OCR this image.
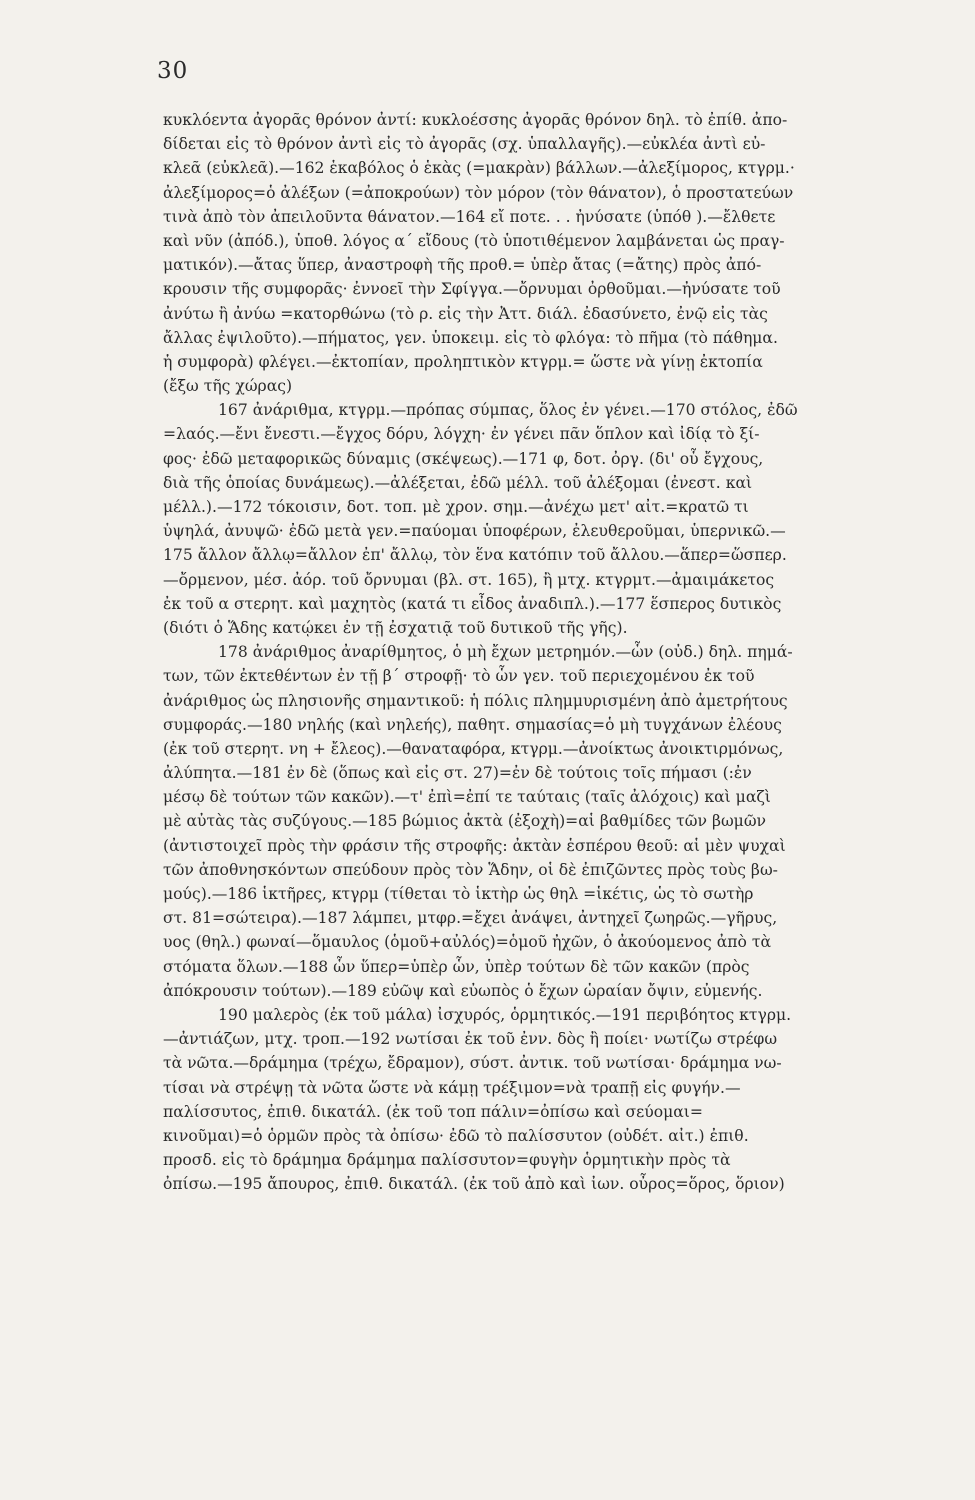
30
κυκλόεντα ἀγορᾶς θρόνον ἀντί: κυκλοέσσης ἀγορᾶς θρόνον δηλ. τὸ ἐπίθ. ἀπο-
δίδεται εἰς τὸ θρόνον ἀντὶ εἰς τὸ ἀγορᾶς (σχ. ὑπαλλαγῆς).—εὐκλέα ἀντὶ εὐ-
κλεᾶ (εὐκλεᾶ).—162 ἑκαβόλος ὁ ἑκὰς (=μακρὰν) βάλλων.—ἀλεξίμορος, κτγρμ.·
ἀλεξίμορος=ὁ ἀλέξων (=ἀποκρούων) τὸν μόρον (τὸν θάνατον), ὁ προστατεύων
τινὰ ἀπὸ τὸν ἀπειλοῦντα θάνατον.—164 εἴ ποτε. . . ἠνύσατε (ὑπόθ ).—ἔλθετε
καὶ νῦν (ἀπόδ.), ὑποθ. λόγος α΄ εἴδους (τὸ ὑποτιθέμενον λαμβάνεται ὡς πραγ-
ματικόν).—ἄτας ὕπερ, ἀναστροφὴ τῆς προθ.= ὑπὲρ ἄτας (=ἄτης) πρὸς ἀπό-
κρουσιν τῆς συμφορᾶς· ἐννοεῖ τὴν Σφίγγα.—ὄρνυμαι ὀρθοῦμαι.—ἠνύσατε τοῦ
ἀνύτω ἢ ἀνύω =κατορθώνω (τὸ ρ. εἰς τὴν Ἀττ. διάλ. ἐδασύνετο, ἐνῷ εἰς τὰς
ἄλλας ἐψιλοῦτο).—πήματος, γεν. ὑποκειμ. εἰς τὸ φλόγα: τὸ πῆμα (τὸ πάθημα.
ἡ συμφορὰ) φλέγει.—ἐκτοπίαν, προληπτικὸν κτγρμ.= ὥστε νὰ γίνῃ ἐκτοπία
(ἔξω τῆς χώρας)
167 ἀνάριθμα, κτγρμ.—πρόπας σύμπας, ὅλος ἐν γένει.—170 στόλος, ἐδῶ
=λαός.—ἔνι ἔνεστι.—ἔγχος δόρυ, λόγχη· ἐν γένει πᾶν ὅπλον καὶ ἰδίᾳ τὸ ξί-
φος· ἐδῶ μεταφορικῶς δύναμις (σκέψεως).—171 φ, δοτ. ὀργ. (δι' οὗ ἔγχους,
διὰ τῆς ὁποίας δυνάμεως).—ἀλέξεται, ἐδῶ μέλλ. τοῦ ἀλέξομαι (ἐνεστ. καὶ
μέλλ.).—172 τόκοισιν, δοτ. τοπ. μὲ χρον. σημ.—ἀνέχω μετ' αἰτ.=κρατῶ τι
ὑψηλά, ἀνυψῶ· ἐδῶ μετὰ γεν.=παύομαι ὑποφέρων, ἐλευθεροῦμαι, ὑπερνικῶ.—
175 ἄλλον ἄλλῳ=ἄλλον ἐπ' ἄλλῳ, τὸν ἕνα κατόπιν τοῦ ἄλλου.—ἅπερ=ὥσπερ.
—ὄρμενον, μέσ. ἀόρ. τοῦ ὄρνυμαι (βλ. στ. 165), ἢ μτχ. κτγρμτ.—ἀμαιμάκετος
ἐκ τοῦ α στερητ. καὶ μαχητὸς (κατά τι εἶδος ἀναδιπλ.).—177 ἕσπερος δυτικὸς
(διότι ὁ Ἅδης κατῴκει ἐν τῇ ἐσχατιᾷ τοῦ δυτικοῦ τῆς γῆς).
178 ἀνάριθμος ἀναρίθμητος, ὁ μὴ ἔχων μετρημόν.—ὧν (οὐδ.) δηλ. πημά-
των, τῶν ἐκτεθέντων ἐν τῇ β΄ στροφῇ· τὸ ὧν γεν. τοῦ περιεχομένου ἐκ τοῦ
ἀνάριθμος ὡς πλησιονῆς σημαντικοῦ: ἡ πόλις πλημμυρισμένη ἀπὸ ἀμετρήτους
συμφοράς.—180 νηλής (καὶ νηλεής), παθητ. σημασίας=ὁ μὴ τυγχάνων ἐλέους
(ἐκ τοῦ στερητ. νη + ἔλεος).—θαναταφόρα, κτγρμ.—ἀνοίκτως ἀνοικτιρμόνως,
ἀλύπητα.—181 ἐν δὲ (ὅπως καὶ εἰς στ. 27)=ἐν δὲ τούτοις τοῖς πήμασι (:ἐν
μέσῳ δὲ τούτων τῶν κακῶν).—τ' ἐπὶ=ἐπί τε ταύταις (ταῖς ἀλόχοις) καὶ μαζὶ
μὲ αὐτὰς τὰς συζύγους.—185 βώμιος ἀκτὰ (ἐξοχὴ)=αἱ βαθμίδες τῶν βωμῶν
(ἀντιστοιχεῖ πρὸς τὴν φράσιν τῆς στροφῆς: ἀκτὰν ἑσπέρου θεοῦ: αἱ μὲν ψυχαὶ
τῶν ἀποθνησκόντων σπεύδουν πρὸς τὸν Ἅδην, οἱ δὲ ἐπιζῶντες πρὸς τοὺς βω-
μούς).—186 ἱκτῆρες, κτγρμ (τίθεται τὸ ἱκτὴρ ὡς θηλ =ἱκέτις, ὡς τὸ σωτὴρ
στ. 81=σώτειρα).—187 λάμπει, μτφρ.=ἔχει ἀνάψει, ἀντηχεῖ ζωηρῶς.—γῆρυς,
υος (θηλ.) φωναί—ὅμαυλος (ὁμοῦ+αὐλός)=ὁμοῦ ἠχῶν, ὁ ἀκούομενος ἀπὸ τὰ
στόματα ὅλων.—188 ὧν ὕπερ=ὑπὲρ ὧν, ὑπὲρ τούτων δὲ τῶν κακῶν (πρὸς
ἀπόκρουσιν τούτων).—189 εὐῶψ καὶ εὐωπὸς ὁ ἔχων ὡραίαν ὄψιν, εὐμενής.
190 μαλερὸς (ἐκ τοῦ μάλα) ἰσχυρός, ὁρμητικός.—191 περιβόητος κτγρμ.
—ἀντιάζων, μτχ. τροπ.—192 νωτίσαι ἐκ τοῦ ἐνν. δὸς ἢ ποίει· νωτίζω στρέφω
τὰ νῶτα.—δράμημα (τρέχω, ἔδραμον), σύστ. ἀντικ. τοῦ νωτίσαι· δράμημα νω-
τίσαι νὰ στρέψῃ τὰ νῶτα ὥστε νὰ κάμῃ τρέξιμον=νὰ τραπῇ εἰς φυγήν.—
παλίσσυτος, ἐπιθ. δικατάλ. (ἐκ τοῦ τοπ πάλιν=ὀπίσω καὶ σεύομαι=
κινοῦμαι)=ὁ ὁρμῶν πρὸς τὰ ὀπίσω· ἐδῶ τὸ παλίσσυτον (οὐδέτ. αἰτ.) ἐπιθ.
προσδ. εἰς τὸ δράμημα δράμημα παλίσσυτον=φυγὴν ὁρμητικὴν πρὸς τὰ
ὀπίσω.—195 ἄπουρος, ἐπιθ. δικατάλ. (ἐκ τοῦ ἀπὸ καὶ ἰων. οὖρος=ὅρος, ὅριον)
